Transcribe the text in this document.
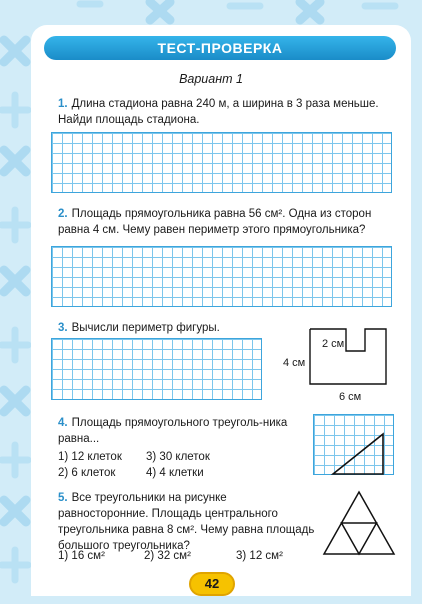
ТЕСТ-ПРОВЕРКА
Вариант 1
1. Длина стадиона равна 240 м, а ширина в 3 раза меньше. Найди площадь стадиона.
2. Площадь прямоугольника равна 56 см². Одна из сторон равна 4 см. Чему равен периметр этого прямоугольника?
3. Вычисли периметр фигуры.
2 см
4 см
6 см
4. Площадь прямоугольного треуголь-ника равна...
1) 12 клеток 3) 30 клеток
2) 6 клеток	4) 4 клетки
5. Все треугольники на рисунке равносторонние. Площадь центрального треугольника равна 8 см². Чему равна площадь большого треугольника?
1) 16 см²	2) 32 см²	3) 12 см²
42
